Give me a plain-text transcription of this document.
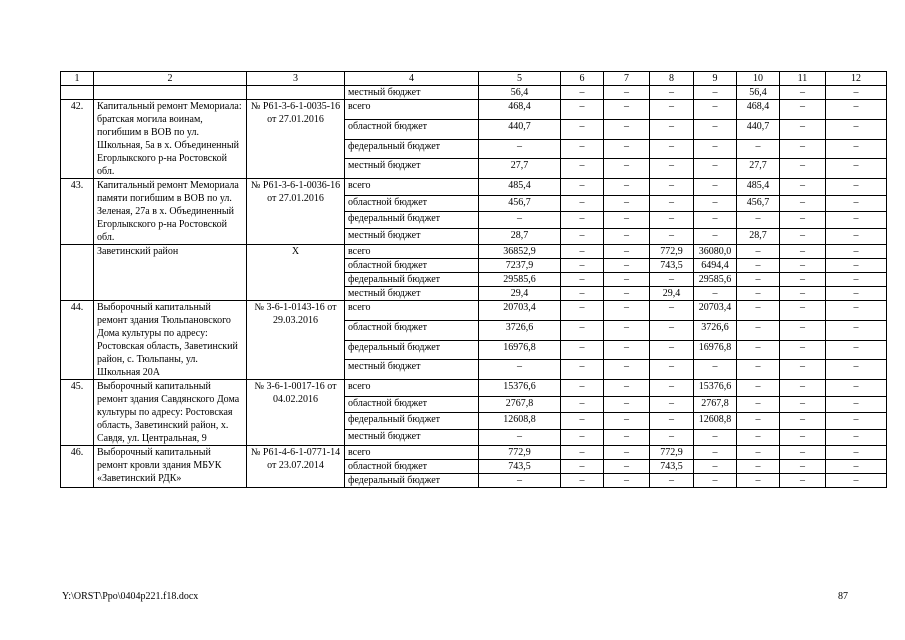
1	2	3	4	5	6	7	8	9	10	11	12
			местный бюджет	56,4	–	–	–	–	56,4	–	–
42.	Капитальный ремонт Мемориала: братская могила воинам, погибшим в ВОВ по ул. Школьная, 5а в х. Объединенный Егорлыкского р-на Ростовской обл.	№ Р61-3-6-1-0035-16 от 27.01.2016	всего	468,4	–	–	–	–	468,4	–	–
			областной бюджет	440,7	–	–	–	–	440,7	–	–
			федеральный бюджет	–	–	–	–	–	–	–	–
			местный бюджет	27,7	–	–	–	–	27,7	–	–
43.	Капитальный ремонт Мемориала памяти погибшим в ВОВ по ул. Зеленая, 27а в х. Объединенный Егорлыкского р-на Ростовской обл.	№ Р61-3-6-1-0036-16 от 27.01.2016	всего	485,4	–	–	–	–	485,4	–	–
			областной бюджет	456,7	–	–	–	–	456,7	–	–
			федеральный бюджет	–	–	–	–	–	–	–	–
			местный бюджет	28,7	–	–	–	–	28,7	–	–
	Заветинский район	X	всего	36852,9	–	–	772,9	36080,0	–	–	–
			областной бюджет	7237,9	–	–	743,5	6494,4	–	–	–
			федеральный бюджет	29585,6	–	–	–	29585,6	–	–	–
			местный бюджет	29,4	–	–	29,4	–	–	–	–
44.	Выборочный капитальный ремонт здания Тюльпановского Дома культуры по адресу: Ростовская область, Заветинский район, с. Тюльпаны, ул. Школьная 20А	№ 3-6-1-0143-16 от 29.03.2016	всего	20703,4	–	–	–	20703,4	–	–	–
			областной бюджет	3726,6	–	–	–	3726,6	–	–	–
			федеральный бюджет	16976,8	–	–	–	16976,8	–	–	–
			местный бюджет	–	–	–	–	–	–	–	–
45.	Выборочный капитальный ремонт здания Савдянского Дома культуры по адресу: Ростовская область, Заветинский район, х. Савдя, ул. Центральная, 9	№ 3-6-1-0017-16 от 04.02.2016	всего	15376,6	–	–	–	15376,6	–	–	–
			областной бюджет	2767,8	–	–	–	2767,8	–	–	–
			федеральный бюджет	12608,8	–	–	–	12608,8	–	–	–
			местный бюджет	–	–	–	–	–	–	–	–
46.	Выборочный капитальный ремонт кровли здания МБУК «Заветинский РДК»	№ Р61-4-6-1-0771-14 от 23.07.2014	всего	772,9	–	–	772,9	–	–	–	–
			областной бюджет	743,5	–	–	743,5	–	–	–	–
			федеральный бюджет	–	–	–	–	–	–	–	–
Y:\ORST\Ppo\0404p221.f18.docx	87
